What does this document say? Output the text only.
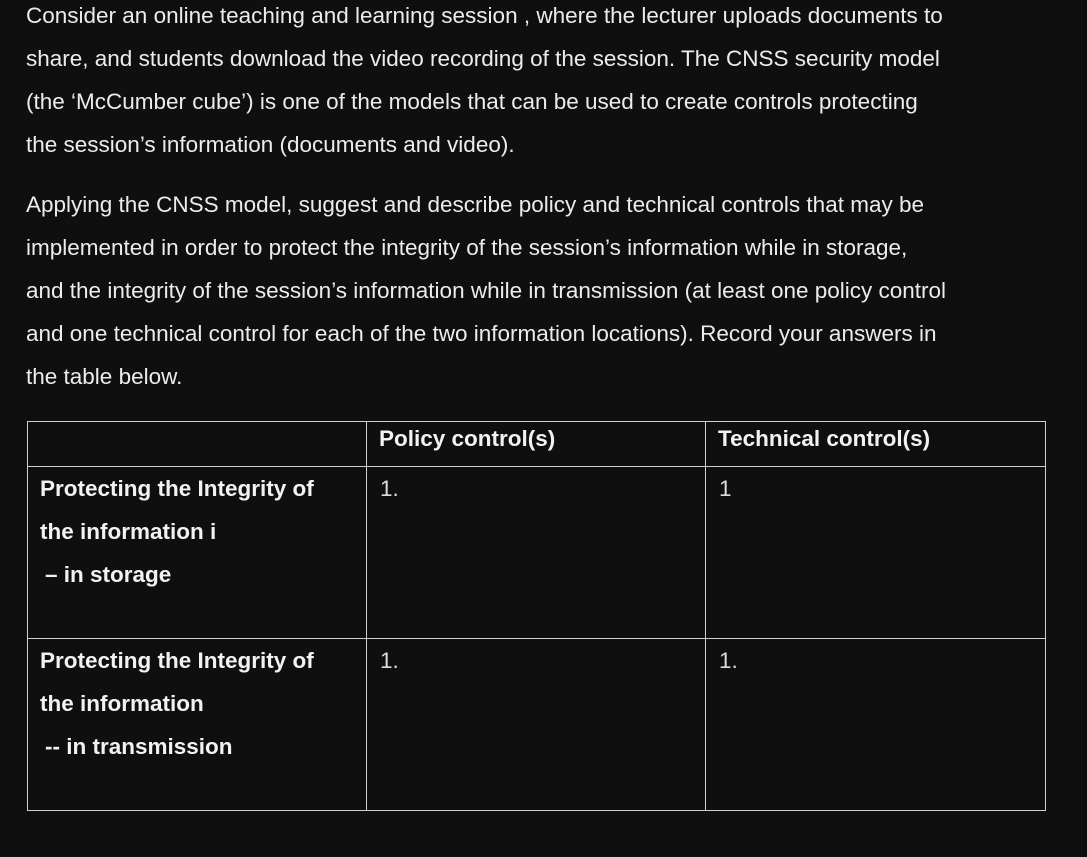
Consider an online teaching and learning session , where the lecturer uploads documents to
share, and students download the video recording of the session. The CNSS security model
(the ‘McCumber cube’) is one of the models that can be used to create controls protecting
the session’s information (documents and video).

Applying the CNSS model, suggest and describe policy and technical controls that may be
implemented in order to protect the integrity of the session’s information while in storage,
and the integrity of the session’s information while in transmission (at least one policy control
and one technical control for each of the two information locations). Record your answers in
the table below.

	Policy control(s)	Technical control(s)
Protecting the Integrity of
the information i

– in storage	1.	1

Protecting the Integrity of
the information

-- in transmission	1.	1.
